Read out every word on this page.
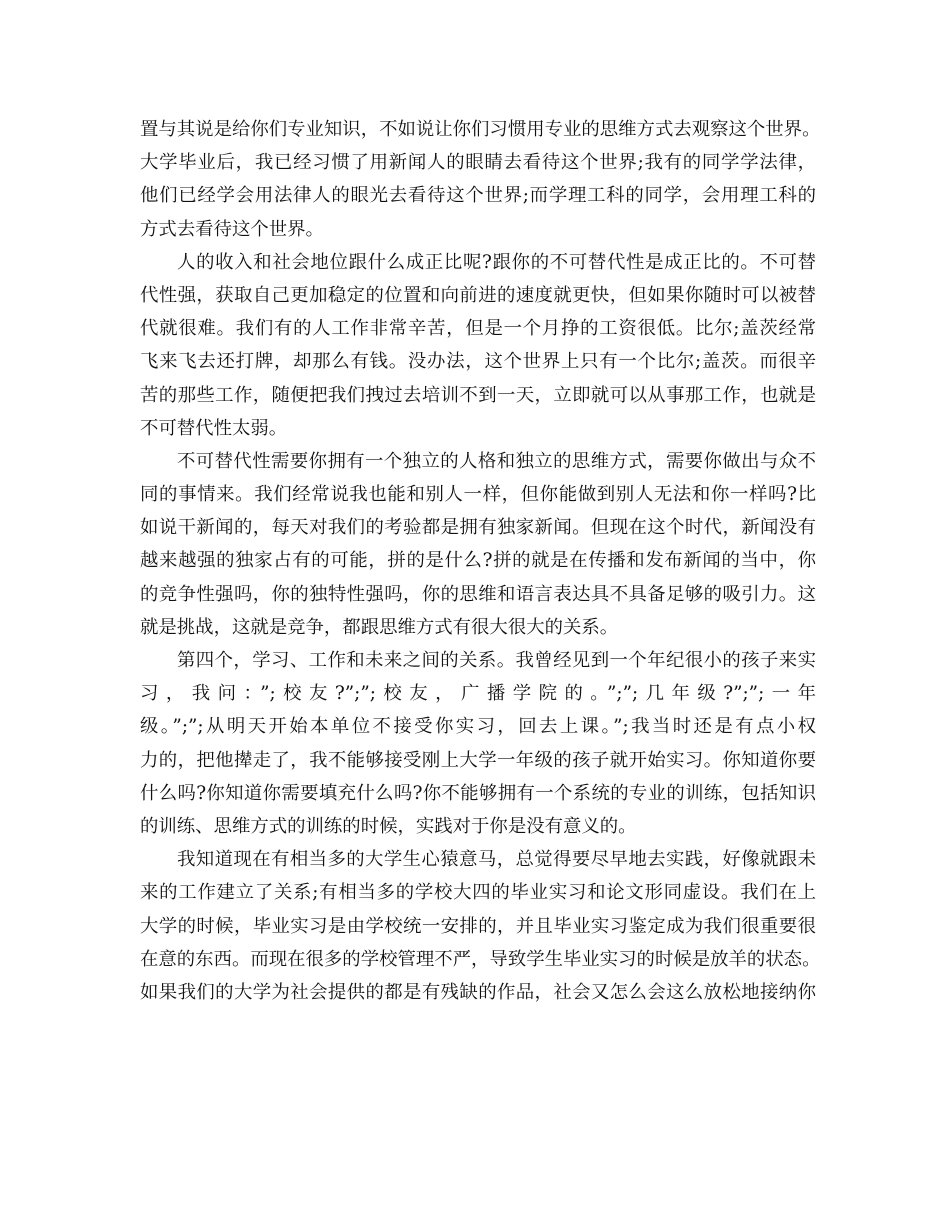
置与其说是给你们专业知识，不如说让你们习惯用专业的思维方式去观察这个世界。
大学毕业后，我已经习惯了用新闻人的眼睛去看待这个世界;我有的同学学法律，
他们已经学会用法律人的眼光去看待这个世界;而学理工科的同学，会用理工科的
方式去看待这个世界。
人的收入和社会地位跟什么成正比呢?跟你的不可替代性是成正比的。不可替
代性强，获取自己更加稳定的位置和向前进的速度就更快，但如果你随时可以被替
代就很难。我们有的人工作非常辛苦，但是一个月挣的工资很低。比尔;盖茨经常
飞来飞去还打牌，却那么有钱。没办法，这个世界上只有一个比尔;盖茨。而很辛
苦的那些工作，随便把我们拽过去培训不到一天，立即就可以从事那工作，也就是
不可替代性太弱。
不可替代性需要你拥有一个独立的人格和独立的思维方式，需要你做出与众不
同的事情来。我们经常说我也能和别人一样，但你能做到别人无法和你一样吗?比
如说干新闻的，每天对我们的考验都是拥有独家新闻。但现在这个时代，新闻没有
越来越强的独家占有的可能，拼的是什么?拼的就是在传播和发布新闻的当中，你
的竞争性强吗，你的独特性强吗，你的思维和语言表达具不具备足够的吸引力。这
就是挑战，这就是竞争，都跟思维方式有很大很大的关系。
第四个，学习、工作和未来之间的关系。我曾经见到一个年纪很小的孩子来实
习，我问：”;校友?”;”;校友，广播学院的。”;”;几年级?”;”;一年
级。”;”;从明天开始本单位不接受你实习，回去上课。”;我当时还是有点小权
力的，把他撵走了，我不能够接受刚上大学一年级的孩子就开始实习。你知道你要
什么吗?你知道你需要填充什么吗?你不能够拥有一个系统的专业的训练，包括知识
的训练、思维方式的训练的时候，实践对于你是没有意义的。
我知道现在有相当多的大学生心猿意马，总觉得要尽早地去实践，好像就跟未
来的工作建立了关系;有相当多的学校大四的毕业实习和论文形同虚设。我们在上
大学的时候，毕业实习是由学校统一安排的，并且毕业实习鉴定成为我们很重要很
在意的东西。而现在很多的学校管理不严，导致学生毕业实习的时候是放羊的状态。
如果我们的大学为社会提供的都是有残缺的作品，社会又怎么会这么放松地接纳你
